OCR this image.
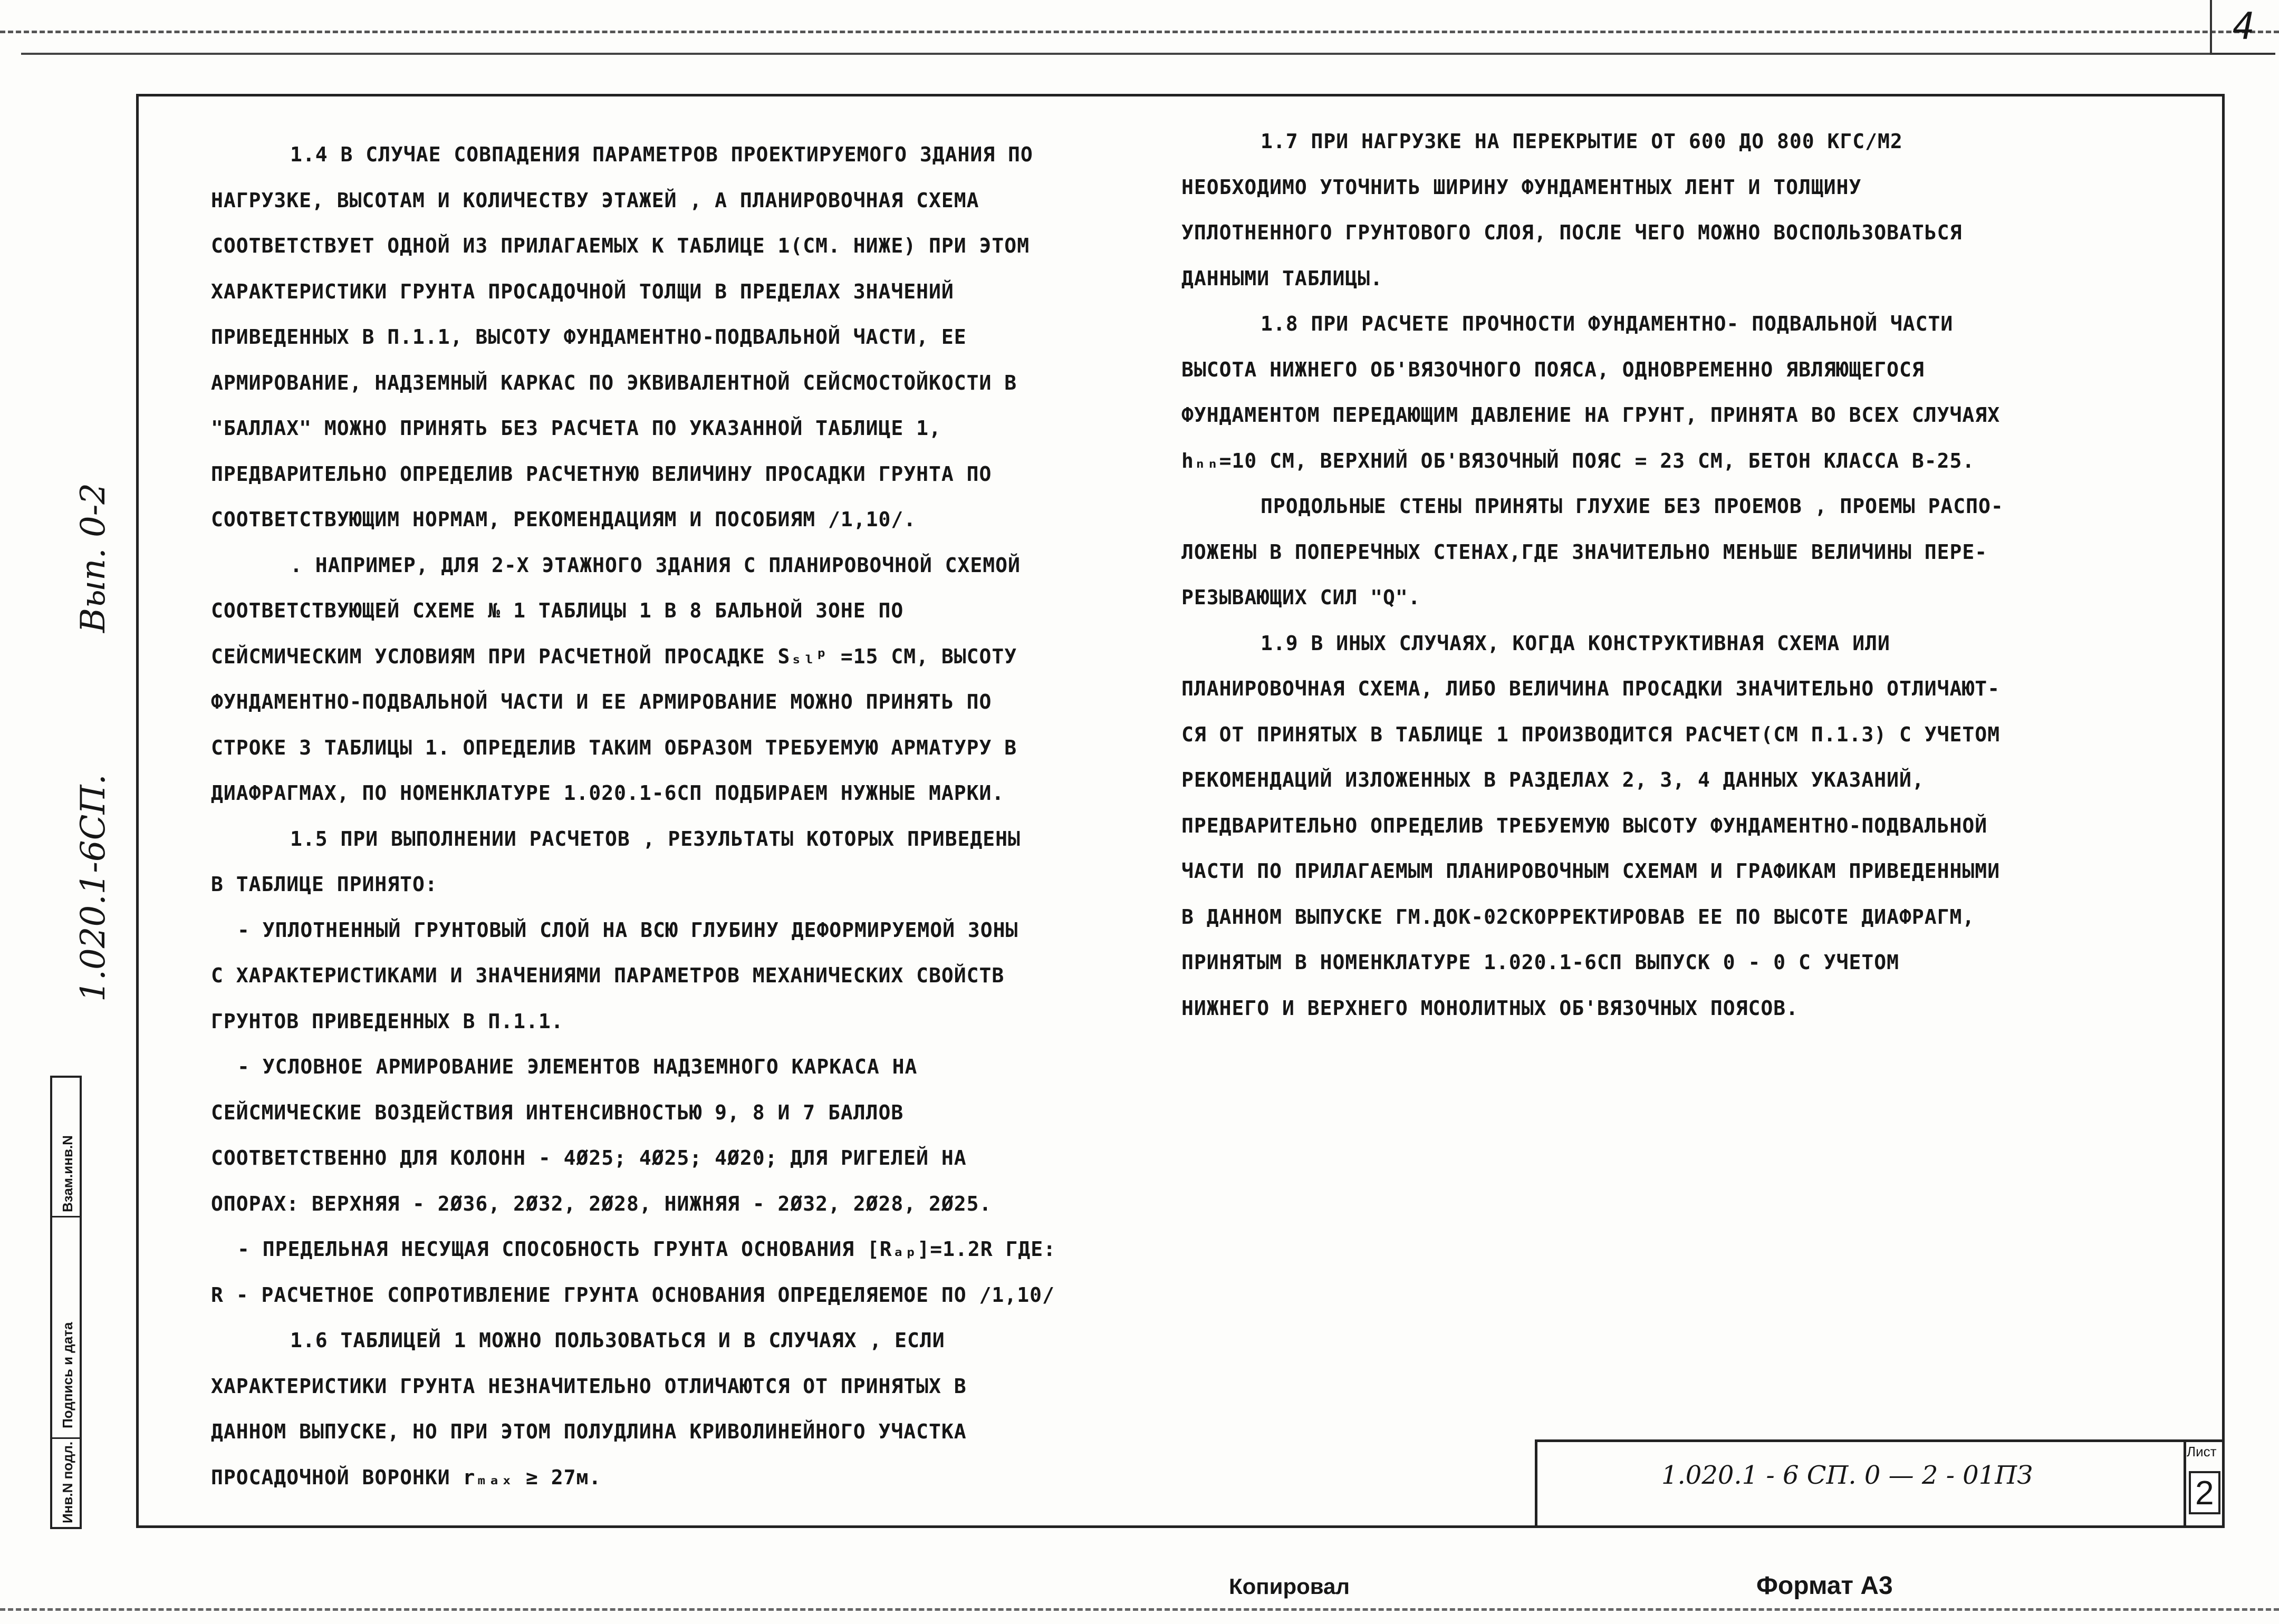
4
Вып. 0-2
1.020.1-6СП.
Взам.инв.N
Подпись и дата
Инв.N подл.

1.4 В СЛУЧАЕ СОВПАДЕНИЯ ПАРАМЕТРОВ ПРОЕКТИРУЕМОГО ЗДАНИЯ ПО

НАГРУЗКЕ, ВЫСОТАМ И КОЛИЧЕСТВУ ЭТАЖЕЙ , А ПЛАНИРОВОЧНАЯ СХЕМА

СООТВЕТСТВУЕТ ОДНОЙ ИЗ ПРИЛАГАЕМЫХ К ТАБЛИЦЕ 1(СМ. НИЖЕ) ПРИ ЭТОМ

ХАРАКТЕРИСТИКИ ГРУНТА ПРОСАДОЧНОЙ ТОЛЩИ В ПРЕДЕЛАХ ЗНАЧЕНИЙ

ПРИВЕДЕННЫХ В П.1.1, ВЫСОТУ ФУНДАМЕНТНО-ПОДВАЛЬНОЙ ЧАСТИ, ЕЕ

АРМИРОВАНИЕ, НАДЗЕМНЫЙ КАРКАС ПО ЭКВИВАЛЕНТНОЙ СЕЙСМОСТОЙКОСТИ В

"БАЛЛАХ" МОЖНО ПРИНЯТЬ БЕЗ РАСЧЕТА ПО УКАЗАННОЙ ТАБЛИЦЕ 1,

ПРЕДВАРИТЕЛЬНО ОПРЕДЕЛИВ РАСЧЕТНУЮ ВЕЛИЧИНУ ПРОСАДКИ ГРУНТА ПО

СООТВЕТСТВУЮЩИМ НОРМАМ, РЕКОМЕНДАЦИЯМ И ПОСОБИЯМ /1,10/.

. НАПРИМЕР, ДЛЯ 2-Х ЭТАЖНОГО ЗДАНИЯ С ПЛАНИРОВОЧНОЙ СХЕМОЙ

СООТВЕТСТВУЮЩЕЙ СХЕМЕ № 1 ТАБЛИЦЫ 1 В 8 БАЛЬНОЙ ЗОНЕ ПО

СЕЙСМИЧЕСКИМ УСЛОВИЯМ ПРИ РАСЧЕТНОЙ ПРОСАДКЕ Sₛₗᵖ =15 СМ, ВЫСОТУ

ФУНДАМЕНТНО-ПОДВАЛЬНОЙ ЧАСТИ И ЕЕ АРМИРОВАНИЕ МОЖНО ПРИНЯТЬ ПО

СТРОКЕ 3 ТАБЛИЦЫ 1. ОПРЕДЕЛИВ ТАКИМ ОБРАЗОМ ТРЕБУЕМУЮ АРМАТУРУ В

ДИАФРАГМАХ, ПО НОМЕНКЛАТУРЕ 1.020.1-6СП ПОДБИРАЕМ НУЖНЫЕ МАРКИ.

1.5 ПРИ ВЫПОЛНЕНИИ РАСЧЕТОВ , РЕЗУЛЬТАТЫ КОТОРЫХ ПРИВЕДЕНЫ

В ТАБЛИЦЕ ПРИНЯТО:

- УПЛОТНЕННЫЙ ГРУНТОВЫЙ СЛОЙ НА ВСЮ ГЛУБИНУ ДЕФОРМИРУЕМОЙ ЗОНЫ

С ХАРАКТЕРИСТИКАМИ И ЗНАЧЕНИЯМИ ПАРАМЕТРОВ МЕХАНИЧЕСКИХ СВОЙСТВ

ГРУНТОВ ПРИВЕДЕННЫХ В П.1.1.

- УСЛОВНОЕ АРМИРОВАНИЕ ЭЛЕМЕНТОВ НАДЗЕМНОГО КАРКАСА НА

СЕЙСМИЧЕСКИЕ ВОЗДЕЙСТВИЯ ИНТЕНСИВНОСТЬЮ 9, 8 И 7 БАЛЛОВ

СООТВЕТСТВЕННО ДЛЯ КОЛОНН - 4Ø25; 4Ø25; 4Ø20; ДЛЯ РИГЕЛЕЙ НА

ОПОРАХ: ВЕРХНЯЯ - 2Ø36, 2Ø32, 2Ø28, НИЖНЯЯ - 2Ø32, 2Ø28, 2Ø25.

- ПРЕДЕЛЬНАЯ НЕСУЩАЯ СПОСОБНОСТЬ ГРУНТА ОСНОВАНИЯ [Rₐₚ]=1.2R ГДЕ:

R - РАСЧЕТНОЕ СОПРОТИВЛЕНИЕ ГРУНТА ОСНОВАНИЯ ОПРЕДЕЛЯЕМОЕ ПО /1,10/

1.6 ТАБЛИЦЕЙ 1 МОЖНО ПОЛЬЗОВАТЬСЯ И В СЛУЧАЯХ , ЕСЛИ

ХАРАКТЕРИСТИКИ ГРУНТА НЕЗНАЧИТЕЛЬНО ОТЛИЧАЮТСЯ ОТ ПРИНЯТЫХ В

ДАННОМ ВЫПУСКЕ, НО ПРИ ЭТОМ ПОЛУДЛИНА КРИВОЛИНЕЙНОГО УЧАСТКА

ПРОСАДОЧНОЙ ВОРОНКИ rₘₐₓ ≥ 27м.

1.7 ПРИ НАГРУЗКЕ НА ПЕРЕКРЫТИЕ ОТ 600 ДО 800 КГС/М2

НЕОБХОДИМО УТОЧНИТЬ ШИРИНУ ФУНДАМЕНТНЫХ ЛЕНТ И ТОЛЩИНУ

УПЛОТНЕННОГО ГРУНТОВОГО СЛОЯ, ПОСЛЕ ЧЕГО МОЖНО ВОСПОЛЬЗОВАТЬСЯ

ДАННЫМИ ТАБЛИЦЫ.

1.8 ПРИ РАСЧЕТЕ ПРОЧНОСТИ ФУНДАМЕНТНО- ПОДВАЛЬНОЙ ЧАСТИ

ВЫСОТА НИЖНЕГО ОБ'ВЯЗОЧНОГО ПОЯСА, ОДНОВРЕМЕННО ЯВЛЯЮЩЕГОСЯ

ФУНДАМЕНТОМ ПЕРЕДАЮЩИМ ДАВЛЕНИЕ НА ГРУНТ, ПРИНЯТА ВО ВСЕХ СЛУЧАЯХ

hₙₙ=10 СМ, ВЕРХНИЙ ОБ'ВЯЗОЧНЫЙ ПОЯС = 23 СМ, БЕТОН КЛАССА В-25.

ПРОДОЛЬНЫЕ СТЕНЫ ПРИНЯТЫ ГЛУХИЕ БЕЗ ПРОЕМОВ , ПРОЕМЫ РАСПО-

ЛОЖЕНЫ В ПОПЕРЕЧНЫХ СТЕНАХ,ГДЕ ЗНАЧИТЕЛЬНО МЕНЬШЕ ВЕЛИЧИНЫ ПЕРЕ-

РЕЗЫВАЮЩИХ СИЛ "Q".

1.9 В ИНЫХ СЛУЧАЯХ, КОГДА КОНСТРУКТИВНАЯ СХЕМА ИЛИ

ПЛАНИРОВОЧНАЯ СХЕМА, ЛИБО ВЕЛИЧИНА ПРОСАДКИ ЗНАЧИТЕЛЬНО ОТЛИЧАЮТ-

СЯ ОТ ПРИНЯТЫХ В ТАБЛИЦЕ 1 ПРОИЗВОДИТСЯ РАСЧЕТ(СМ П.1.3) С УЧЕТОМ

РЕКОМЕНДАЦИЙ ИЗЛОЖЕННЫХ В РАЗДЕЛАХ 2, 3, 4 ДАННЫХ УКАЗАНИЙ,

ПРЕДВАРИТЕЛЬНО ОПРЕДЕЛИВ ТРЕБУЕМУЮ ВЫСОТУ ФУНДАМЕНТНО-ПОДВАЛЬНОЙ

ЧАСТИ ПО ПРИЛАГАЕМЫМ ПЛАНИРОВОЧНЫМ СХЕМАМ И ГРАФИКАМ ПРИВЕДЕННЫМИ

В ДАННОМ ВЫПУСКЕ ГМ.ДОК-02СКОРРЕКТИРОВАВ ЕЕ ПО ВЫСОТЕ ДИАФРАГМ,

ПРИНЯТЫМ В НОМЕНКЛАТУРЕ 1.020.1-6СП ВЫПУСК 0 - 0 С УЧЕТОМ

НИЖНЕГО И ВЕРХНЕГО МОНОЛИТНЫХ ОБ'ВЯЗОЧНЫХ ПОЯСОВ.

1.020.1 - 6 СП. 0 — 2 - 01ПЗ
Лист
2
Копировал	Формат А3
